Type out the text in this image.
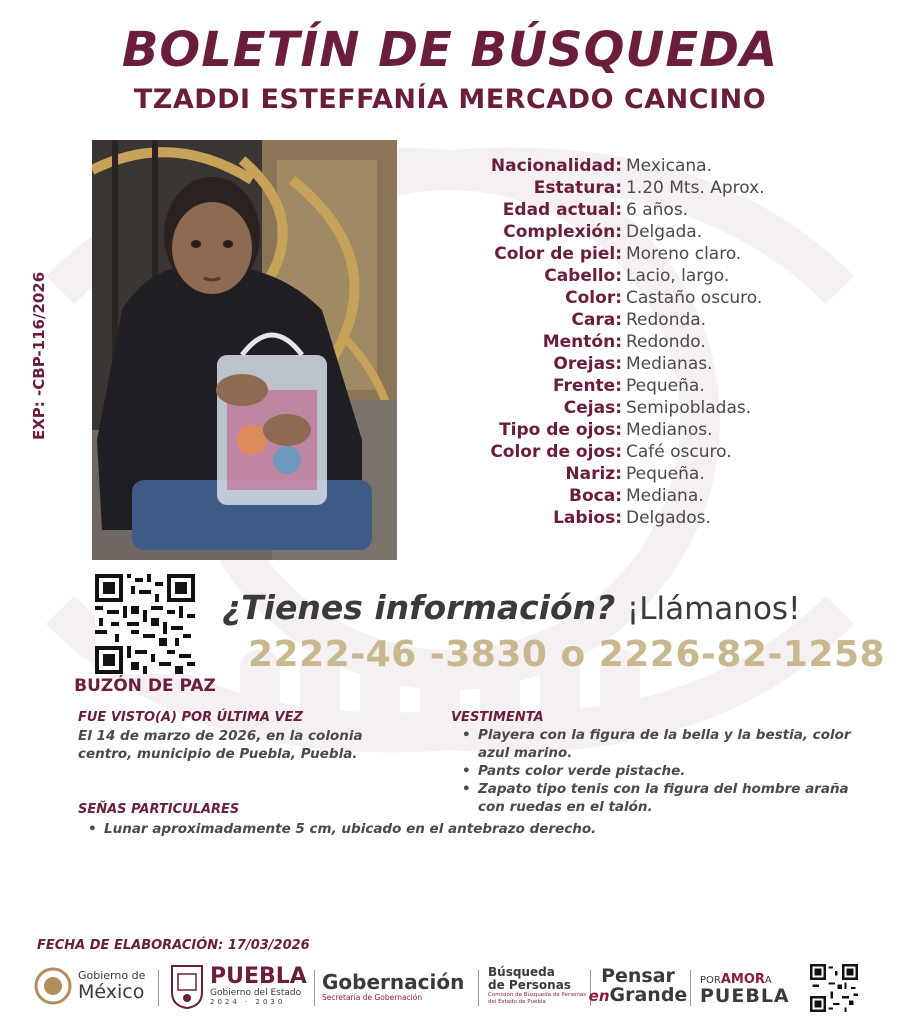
BOLETÍN DE BÚSQUEDA
TZADDI ESTEFFANÍA MERCADO CANCINO
EXP: -CBP-116/2026
Nacionalidad: Mexicana.
Estatura: 1.20 Mts. Aprox.
Edad actual: 6 años.
Complexión: Delgada.
Color de piel: Moreno claro.
Cabello: Lacio, largo.
Color: Castaño oscuro.
Cara: Redonda.
Mentón: Redondo.
Orejas: Medianas.
Frente: Pequeña.
Cejas: Semipobladas.
Tipo de ojos: Medianos.
Color de ojos: Café oscuro.
Nariz: Pequeña.
Boca: Mediana.
Labios: Delgados.
BUZÓN DE PAZ
¿Tienes información? ¡Llámanos!
2222-46 -3830 o 2226-82-1258
FUE VISTO(A) POR ÚLTIMA VEZ
El 14 de marzo de 2026, en la colonia
centro, municipio de Puebla, Puebla.
VESTIMENTA
• Playera con la figura de la bella y la bestia, color azul marino.
• Pants color verde pistache.
• Zapato tipo tenis con la figura del hombre araña con ruedas en el talón.
SEÑAS PARTICULARES
• Lunar aproximadamente 5 cm, ubicado en el antebrazo derecho.
FECHA DE ELABORACIÓN: 17/03/2026
Gobierno de
México
PUEBLA
Gobierno del Estado
2024 · 2030
Gobernación
Secretaría de Gobernación
Búsqueda
de Personas
Comisión de Búsqueda de Personas
del Estado de Puebla
Pensar
enGrande
PORAMORA
PUEBLA
